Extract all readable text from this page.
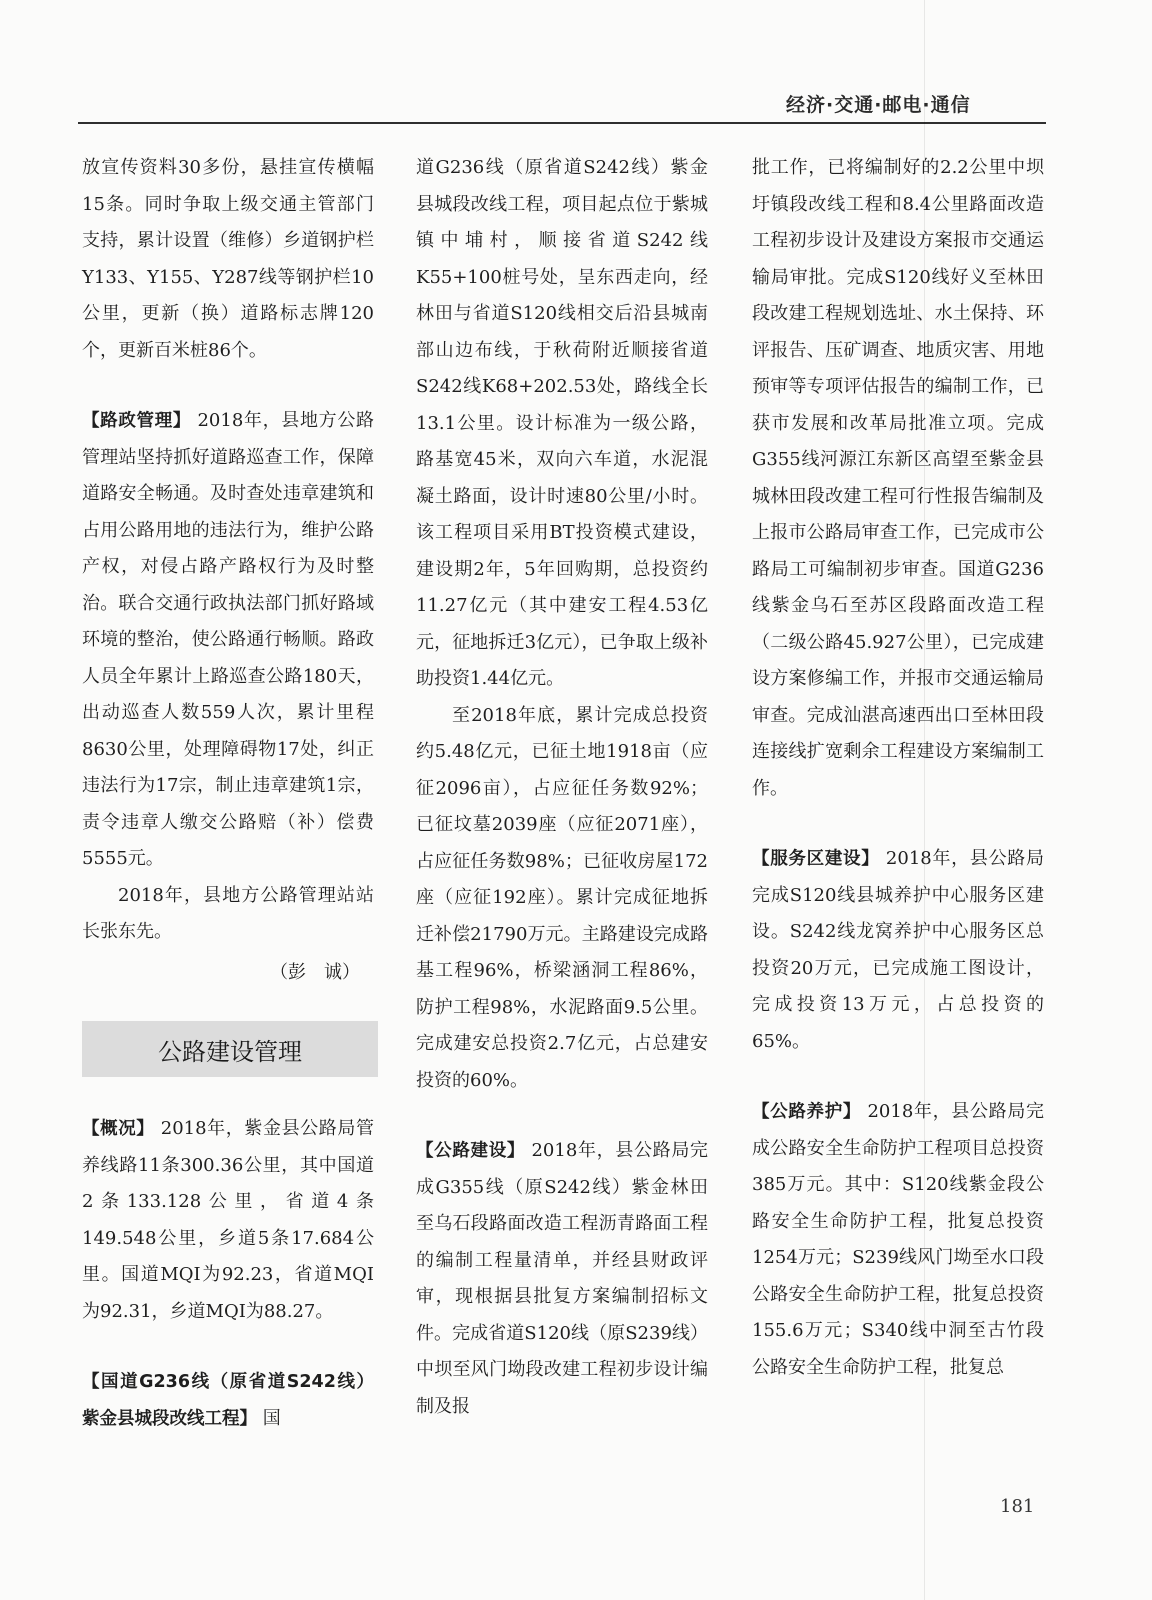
经济·交通·邮电·通信

放宣传资料30多份，悬挂宣传横幅15条。同时争取上级交通主管部门支持，累计设置（维修）乡道钢护栏Y133、Y155、Y287线等钢护栏10公里，更新（换）道路标志牌120个，更新百米桩86个。

【路政管理】 2018年，县地方公路管理站坚持抓好道路巡查工作，保障道路安全畅通。及时查处违章建筑和占用公路用地的违法行为，维护公路产权，对侵占路产路权行为及时整治。联合交通行政执法部门抓好路域环境的整治，使公路通行畅顺。路政人员全年累计上路巡查公路180天，出动巡查人数559人次，累计里程8630公里，处理障碍物17处，纠正违法行为17宗，制止违章建筑1宗，责令违章人缴交公路赔（补）偿费5555元。

2018年，县地方公路管理站站长张东先。

（彭　诚）

公路建设管理

【概况】 2018年，紫金县公路局管养线路11条300.36公里，其中国道2条133.128公里，省道4条149.548公里，乡道5条17.684公里。国道MQI为92.23，省道MQI为92.31，乡道MQI为88.27。

【国道G236线（原省道S242线）紫金县城段改线工程】 国

道G236线（原省道S242线）紫金县城段改线工程，项目起点位于紫城镇中埔村，顺接省道S242线K55+100桩号处，呈东西走向，经林田与省道S120线相交后沿县城南部山边布线，于秋荷附近顺接省道S242线K68+202.53处，路线全长13.1公里。设计标准为一级公路，路基宽45米，双向六车道，水泥混凝土路面，设计时速80公里/小时。该工程项目采用BT投资模式建设，建设期2年，5年回购期，总投资约11.27亿元（其中建安工程4.53亿元，征地拆迁3亿元），已争取上级补助投资1.44亿元。

至2018年底，累计完成总投资约5.48亿元，已征土地1918亩（应征2096亩），占应征任务数92%；已征坟墓2039座（应征2071座），占应征任务数98%；已征收房屋172座（应征192座）。累计完成征地拆迁补偿21790万元。主路建设完成路基工程96%，桥梁涵洞工程86%，防护工程98%，水泥路面9.5公里。完成建安总投资2.7亿元，占总建安投资的60%。

【公路建设】 2018年，县公路局完成G355线（原S242线）紫金林田至乌石段路面改造工程沥青路面工程的编制工程量清单，并经县财政评审，现根据县批复方案编制招标文件。完成省道S120线（原S239线）中坝至风门坳段改建工程初步设计编制及报

批工作，已将编制好的2.2公里中坝圩镇段改线工程和8.4公里路面改造工程初步设计及建设方案报市交通运输局审批。完成S120线好义至林田段改建工程规划选址、水土保持、环评报告、压矿调查、地质灾害、用地预审等专项评估报告的编制工作，已获市发展和改革局批准立项。完成G355线河源江东新区高望至紫金县城林田段改建工程可行性报告编制及上报市公路局审查工作，已完成市公路局工可编制初步审查。国道G236线紫金乌石至苏区段路面改造工程（二级公路45.927公里），已完成建设方案修编工作，并报市交通运输局审查。完成汕湛高速西出口至林田段连接线扩宽剩余工程建设方案编制工作。

【服务区建设】 2018年，县公路局完成S120线县城养护中心服务区建设。S242线龙窝养护中心服务区总投资20万元，已完成施工图设计，完成投资13万元，占总投资的65%。

【公路养护】 2018年，县公路局完成公路安全生命防护工程项目总投资385万元。其中：S120线紫金段公路安全生命防护工程，批复总投资1254万元；S239线风门坳至水口段公路安全生命防护工程，批复总投资155.6万元；S340线中洞至古竹段公路安全生命防护工程，批复总

181
